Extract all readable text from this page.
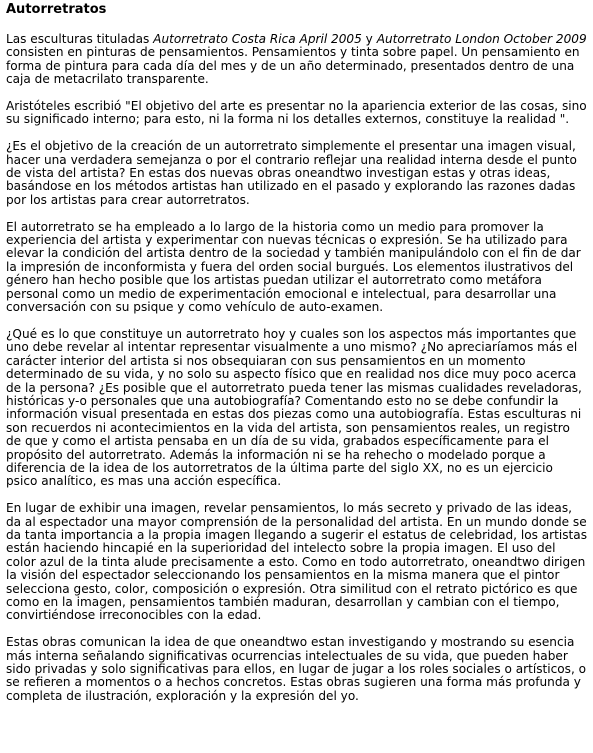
Autorretratos

Las esculturas tituladas Autorretrato Costa Rica April 2005 y Autorretrato London October 2009 consisten en pinturas de pensamientos. Pensamientos y tinta sobre papel. Un pensamiento en forma de pintura para cada día del mes y de un año determinado, presentados dentro de una caja de metacrilato transparente.

Aristóteles escribió "El objetivo del arte es presentar no la apariencia exterior de las cosas, sino su significado interno; para esto, ni la forma ni los detalles externos, constituye la realidad ".

¿Es el objetivo de la creación de un autorretrato simplemente el presentar una imagen visual, hacer una verdadera semejanza o por el contrario reflejar una realidad interna desde el punto de vista del artista? En estas dos nuevas obras oneandtwo investigan estas y otras ideas, basándose en los métodos artistas han utilizado en el pasado y explorando las razones dadas por los artistas para crear autorretratos.

El autorretrato se ha empleado a lo largo de la historia como un medio para promover la experiencia del artista y experimentar con nuevas técnicas o expresión. Se ha utilizado para elevar la condición del artista dentro de la sociedad y también manipulándolo con el fin de dar la impresión de inconformista y fuera del orden social burgués. Los elementos ilustrativos del género han hecho posible que los artistas puedan utilizar el autorretrato como metáfora personal como un medio de experimentación emocional e intelectual, para desarrollar una conversación con su psique y como vehículo de auto-examen.

¿Qué es lo que constituye un autorretrato hoy y cuales son los aspectos más importantes que uno debe revelar al intentar representar visualmente a uno mismo? ¿No apreciaríamos más el carácter interior del artista si nos obsequiaran con sus pensamientos en un momento determinado de su vida, y no solo su aspecto físico que en realidad nos dice muy poco acerca de la persona? ¿Es posible que el autorretrato pueda tener las mismas cualidades reveladoras, históricas y-o personales que una autobiografía? Comentando esto no se debe confundir la información visual presentada en estas dos piezas como una autobiografía. Estas esculturas ni son recuerdos ni acontecimientos en la vida del artista, son pensamientos reales, un registro de que y como el artista pensaba en un día de su vida, grabados específicamente para el propósito del autorretrato. Además la información ni se ha rehecho o modelado porque a diferencia de la idea de los autorretratos de la última parte del siglo XX, no es un ejercicio psico analítico, es mas una acción específica.

En lugar de exhibir una imagen, revelar pensamientos, lo más secreto y privado de las ideas, da al espectador una mayor comprensión de la personalidad del artista. En un mundo donde se da tanta importancia a la propia imagen llegando a sugerir el estatus de celebridad, los artistas están haciendo hincapié en la superioridad del intelecto sobre la propia imagen. El uso del color azul de la tinta alude precisamente a esto. Como en todo autorretrato, oneandtwo dirigen la visión del espectador seleccionando los pensamientos en la misma manera que el pintor selecciona gesto, color, composición o expresión. Otra similitud con el retrato pictórico es que como en la imagen, pensamientos también maduran, desarrollan y cambian con el tiempo, convirtiéndose irreconocibles con la edad.

Estas obras comunican la idea de que oneandtwo estan investigando y mostrando su esencia más interna señalando significativas ocurrencias intelectuales de su vida, que pueden haber sido privadas y solo significativas para ellos, en lugar de jugar a los roles sociales o artísticos, o se refieren a momentos o a hechos concretos. Estas obras sugieren una forma más profunda y completa de ilustración, exploración y la expresión del yo.
